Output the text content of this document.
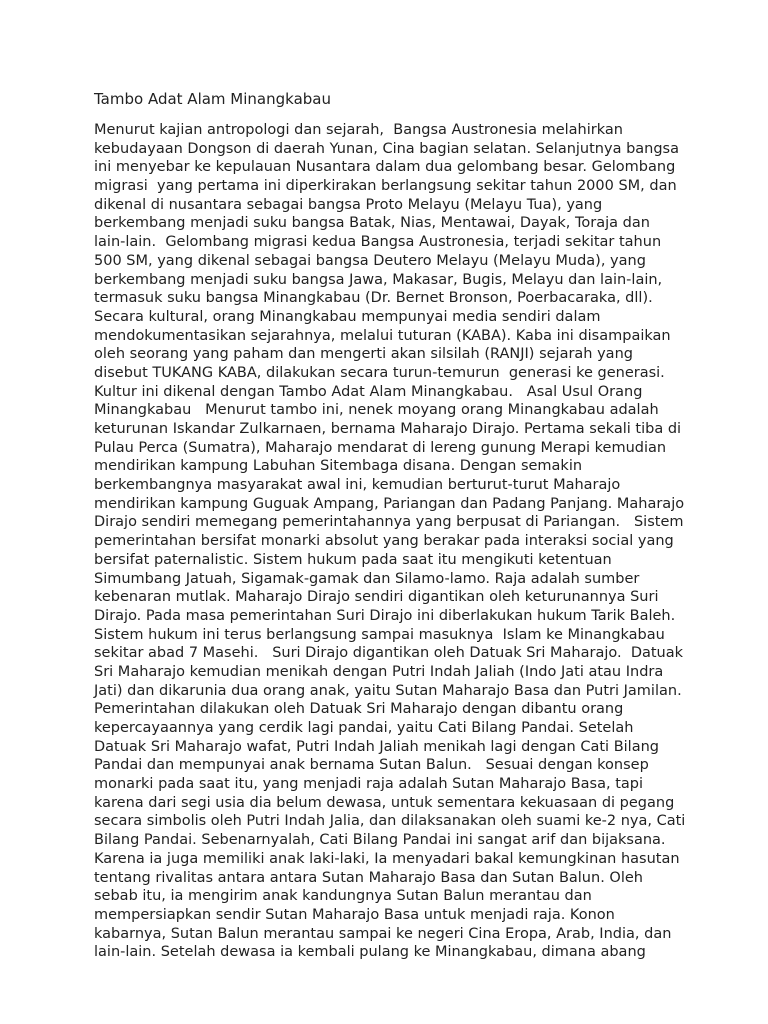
Tambo Adat Alam Minangkabau
Menurut kajian antropologi dan sejarah,  Bangsa Austronesia melahirkan
kebudayaan Dongson di daerah Yunan, Cina bagian selatan. Selanjutnya bangsa
ini menyebar ke kepulauan Nusantara dalam dua gelombang besar. Gelombang
migrasi  yang pertama ini diperkirakan berlangsung sekitar tahun 2000 SM, dan
dikenal di nusantara sebagai bangsa Proto Melayu (Melayu Tua), yang
berkembang menjadi suku bangsa Batak, Nias, Mentawai, Dayak, Toraja dan
lain-lain.  Gelombang migrasi kedua Bangsa Austronesia, terjadi sekitar tahun
500 SM, yang dikenal sebagai bangsa Deutero Melayu (Melayu Muda), yang
berkembang menjadi suku bangsa Jawa, Makasar, Bugis, Melayu dan lain-lain,
termasuk suku bangsa Minangkabau (Dr. Bernet Bronson, Poerbacaraka, dll).
Secara kultural, orang Minangkabau mempunyai media sendiri dalam
mendokumentasikan sejarahnya, melalui tuturan (KABA). Kaba ini disampaikan
oleh seorang yang paham dan mengerti akan silsilah (RANJI) sejarah yang
disebut TUKANG KABA, dilakukan secara turun-temurun  generasi ke generasi.
Kultur ini dikenal dengan Tambo Adat Alam Minangkabau.   Asal Usul Orang
Minangkabau   Menurut tambo ini, nenek moyang orang Minangkabau adalah
keturunan Iskandar Zulkarnaen, bernama Maharajo Dirajo. Pertama sekali tiba di
Pulau Perca (Sumatra), Maharajo mendarat di lereng gunung Merapi kemudian
mendirikan kampung Labuhan Sitembaga disana. Dengan semakin
berkembangnya masyarakat awal ini, kemudian berturut-turut Maharajo
mendirikan kampung Guguak Ampang, Pariangan dan Padang Panjang. Maharajo
Dirajo sendiri memegang pemerintahannya yang berpusat di Pariangan.   Sistem
pemerintahan bersifat monarki absolut yang berakar pada interaksi social yang
bersifat paternalistic. Sistem hukum pada saat itu mengikuti ketentuan
Simumbang Jatuah, Sigamak-gamak dan Silamo-lamo. Raja adalah sumber
kebenaran mutlak. Maharajo Dirajo sendiri digantikan oleh keturunannya Suri
Dirajo. Pada masa pemerintahan Suri Dirajo ini diberlakukan hukum Tarik Baleh.
Sistem hukum ini terus berlangsung sampai masuknya  Islam ke Minangkabau
sekitar abad 7 Masehi.   Suri Dirajo digantikan oleh Datuak Sri Maharajo.  Datuak
Sri Maharajo kemudian menikah dengan Putri Indah Jaliah (Indo Jati atau Indra
Jati) dan dikarunia dua orang anak, yaitu Sutan Maharajo Basa dan Putri Jamilan.
Pemerintahan dilakukan oleh Datuak Sri Maharajo dengan dibantu orang
kepercayaannya yang cerdik lagi pandai, yaitu Cati Bilang Pandai. Setelah
Datuak Sri Maharajo wafat, Putri Indah Jaliah menikah lagi dengan Cati Bilang
Pandai dan mempunyai anak bernama Sutan Balun.   Sesuai dengan konsep
monarki pada saat itu, yang menjadi raja adalah Sutan Maharajo Basa, tapi
karena dari segi usia dia belum dewasa, untuk sementara kekuasaan di pegang
secara simbolis oleh Putri Indah Jalia, dan dilaksanakan oleh suami ke-2 nya, Cati
Bilang Pandai. Sebenarnyalah, Cati Bilang Pandai ini sangat arif dan bijaksana.
Karena ia juga memiliki anak laki-laki, Ia menyadari bakal kemungkinan hasutan
tentang rivalitas antara antara Sutan Maharajo Basa dan Sutan Balun. Oleh
sebab itu, ia mengirim anak kandungnya Sutan Balun merantau dan
mempersiapkan sendir Sutan Maharajo Basa untuk menjadi raja. Konon
kabarnya, Sutan Balun merantau sampai ke negeri Cina Eropa, Arab, India, dan
lain-lain. Setelah dewasa ia kembali pulang ke Minangkabau, dimana abang
